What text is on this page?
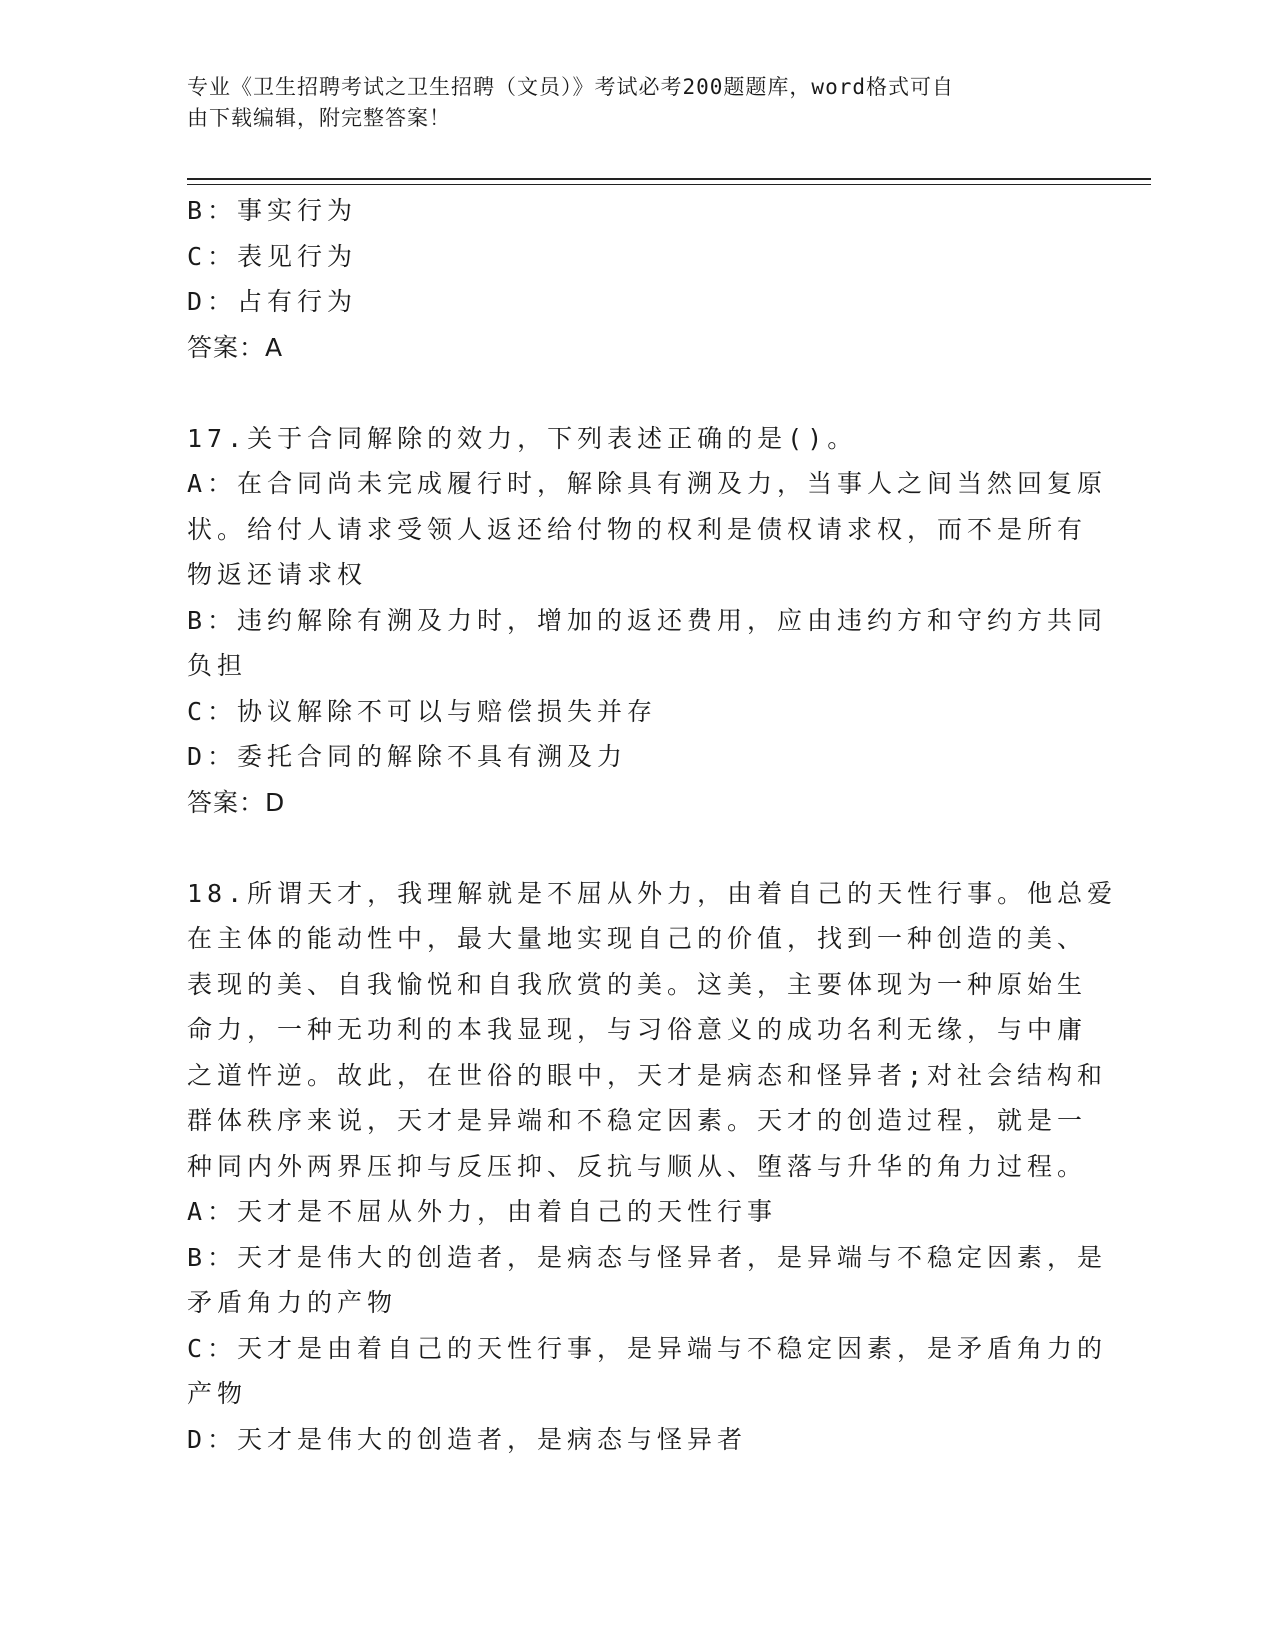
专业《卫生招聘考试之卫生招聘（文员）》考试必考200题题库，word格式可自
由下载编辑，附完整答案！
B：事实行为
C：表见行为
D：占有行为
答案：A
17.关于合同解除的效力，下列表述正确的是()。
A：在合同尚未完成履行时，解除具有溯及力，当事人之间当然回复原
状。给付人请求受领人返还给付物的权利是债权请求权，而不是所有
物返还请求权
B：违约解除有溯及力时，增加的返还费用，应由违约方和守约方共同
负担
C：协议解除不可以与赔偿损失并存
D：委托合同的解除不具有溯及力
答案：D
18.所谓天才，我理解就是不屈从外力，由着自己的天性行事。他总爱
在主体的能动性中，最大量地实现自己的价值，找到一种创造的美、
表现的美、自我愉悦和自我欣赏的美。这美，主要体现为一种原始生
命力，一种无功利的本我显现，与习俗意义的成功名利无缘，与中庸
之道忤逆。故此，在世俗的眼中，天才是病态和怪异者;对社会结构和
群体秩序来说，天才是异端和不稳定因素。天才的创造过程，就是一
种同内外两界压抑与反压抑、反抗与顺从、堕落与升华的角力过程。
A：天才是不屈从外力，由着自己的天性行事
B：天才是伟大的创造者，是病态与怪异者，是异端与不稳定因素，是
矛盾角力的产物
C：天才是由着自己的天性行事，是异端与不稳定因素，是矛盾角力的
产物
D：天才是伟大的创造者，是病态与怪异者
